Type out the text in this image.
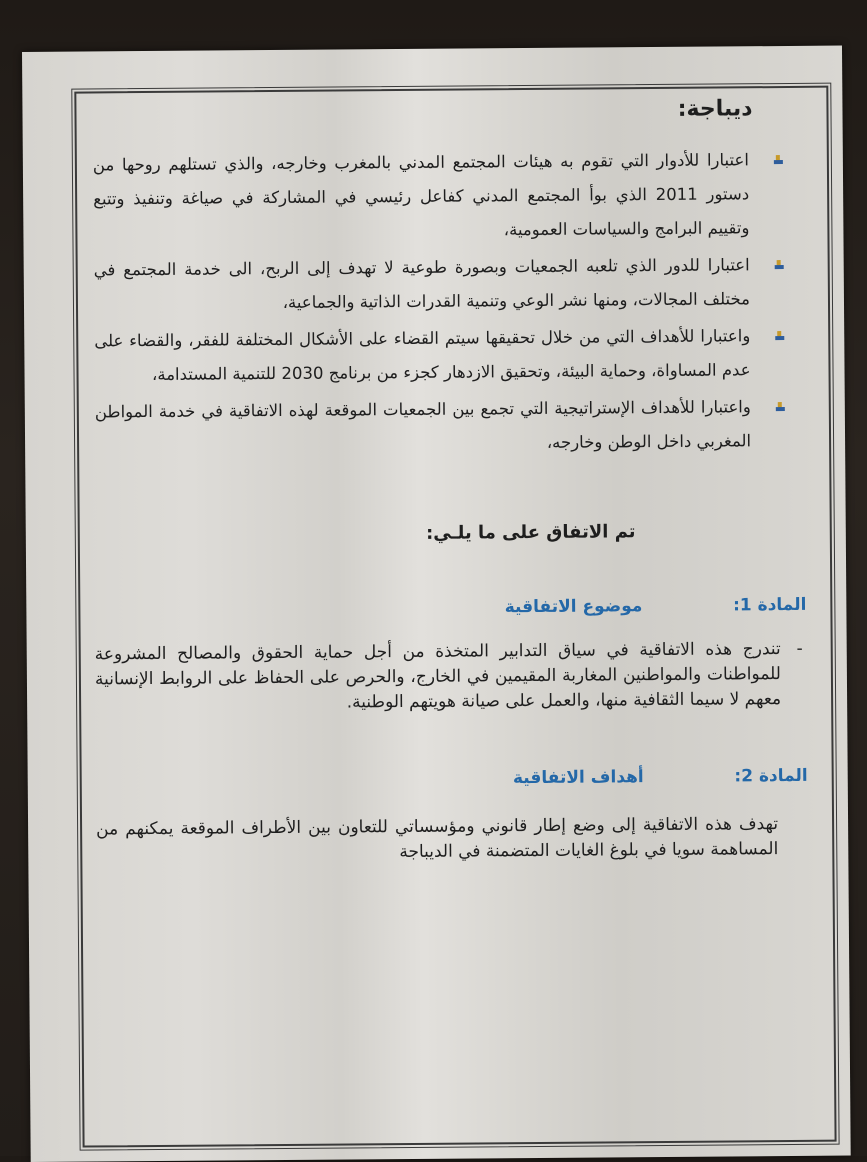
ديباجة:
اعتبارا للأدوار التي تقوم به هيئات المجتمع المدني بالمغرب وخارجه، والذي تستلهم روحها من دستور 2011 الذي بوأ المجتمع المدني كفاعل رئيسي في المشاركة في صياغة وتنفيذ وتتبع وتقييم البرامج والسياسات العمومية،
اعتبارا للدور الذي تلعبه الجمعيات وبصورة طوعية لا تهدف إلى الربح، الى خدمة المجتمع في مختلف المجالات، ومنها نشر الوعي وتنمية القدرات الذاتية والجماعية،
واعتبارا للأهداف التي من خلال تحقيقها سيتم القضاء على الأشكال المختلفة للفقر، والقضاء على عدم المساواة، وحماية البيئة، وتحقيق الازدهار كجزء من برنامج 2030 للتنمية المستدامة،
واعتبارا للأهداف الإستراتيجية التي تجمع بين الجمعيات الموقعة لهذه الاتفاقية في خدمة المواطن المغربي داخل الوطن وخارجه،
تم الاتفاق على ما يلـي:
المادة 1:
موضوع الاتفاقية
-
تندرج هذه الاتفاقية في سياق التدابير المتخذة من أجل حماية الحقوق والمصالح المشروعة للمواطنات والمواطنين المغاربة المقيمين في الخارج، والحرص على الحفاظ على الروابط الإنسانية معهم لا سيما الثقافية منها، والعمل على صيانة هويتهم الوطنية.
المادة 2:
أهداف الاتفاقية
تهدف هذه الاتفاقية إلى وضع إطار قانوني ومؤسساتي للتعاون بين الأطراف الموقعة يمكنهم من المساهمة سويا في بلوغ الغايات المتضمنة في الديباجة
